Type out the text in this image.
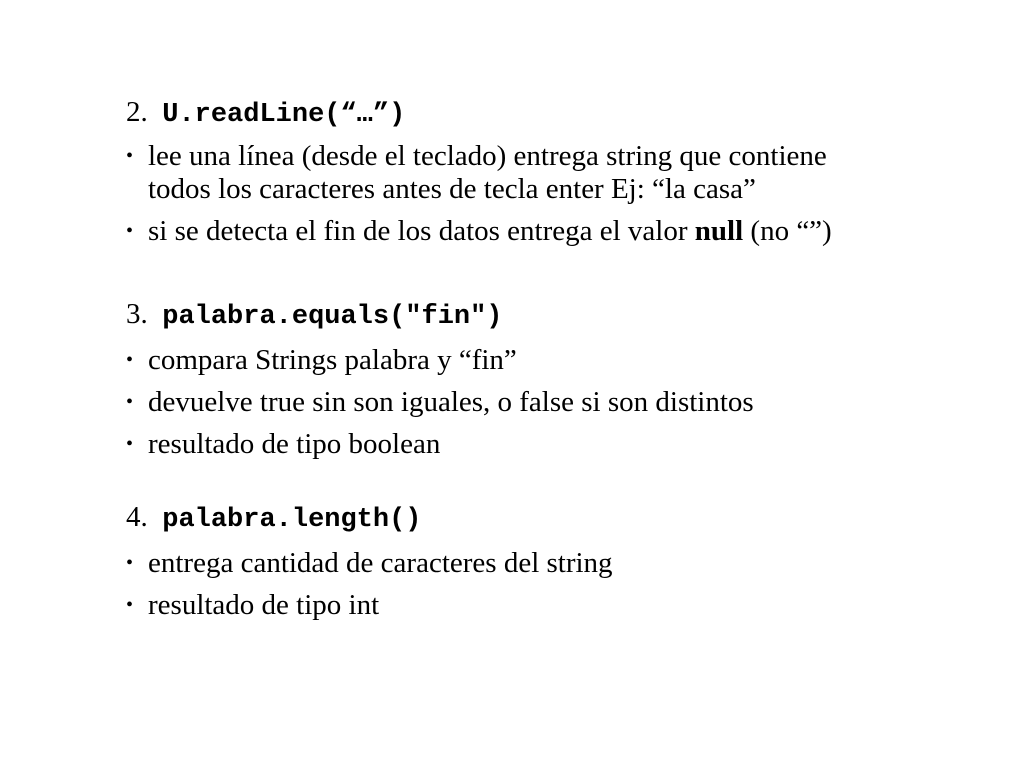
2. U.readLine(“…”)
• lee una línea (desde el teclado) entrega string que contiene
todos los caracteres antes de tecla enter Ej: “la casa”
• si se detecta el fin de los datos entrega el valor null (no “”)
3. palabra.equals("fin")
• compara Strings palabra y “fin”
• devuelve true sin son iguales, o false si son distintos
• resultado de tipo boolean
4. palabra.length()
• entrega cantidad de caracteres del string
• resultado de tipo int
